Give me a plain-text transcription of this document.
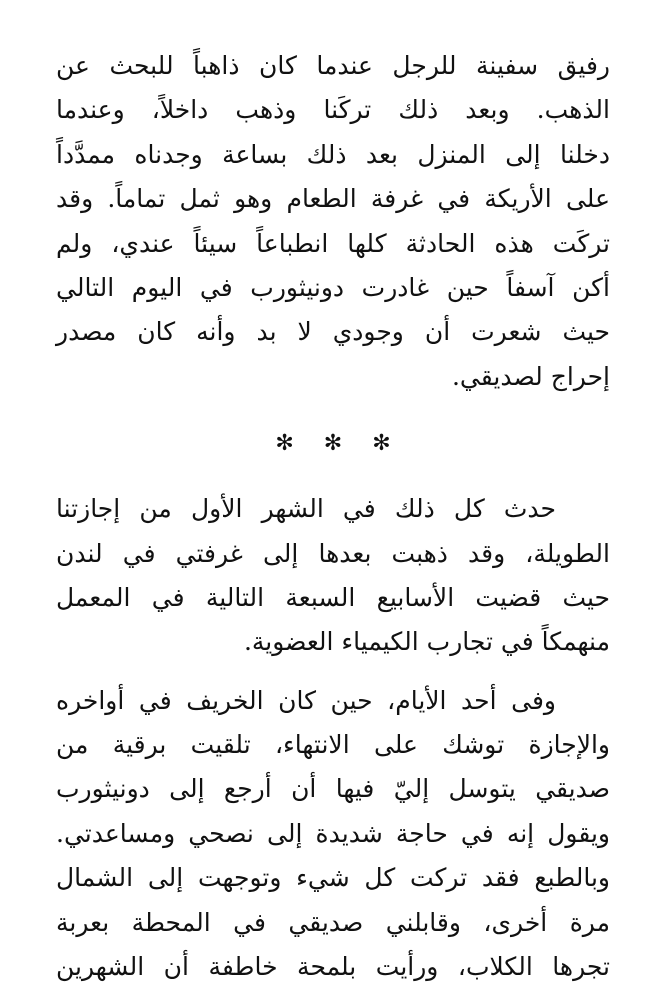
رفيق سفينة للرجل عندما كان ذاهباً للبحث عن
الذهب. وبعد ذلك تركَنا وذهب داخلاً، وعندما
دخلنا إلى المنزل بعد ذلك بساعة وجدناه ممدَّداً
على الأريكة في غرفة الطعام وهو ثمل تماماً. وقد
تركَت هذه الحادثة كلها انطباعاً سيئاً عندي، ولم
أكن آسفاً حين غادرت دونيثورب في اليوم التالي
حيث شعرت أن وجودي لا بد وأنه كان مصدر
إحراج لصديقي.
✻ ✻ ✻
حدث كل ذلك في الشهر الأول من إجازتنا
الطويلة، وقد ذهبت بعدها إلى غرفتي في لندن
حيث قضيت الأسابيع السبعة التالية في المعمل
منهمكاً في تجارب الكيمياء العضوية.
وفى أحد الأيام، حين كان الخريف في أواخره
والإجازة توشك على الانتهاء، تلقيت برقية من
صديقي يتوسل إليّ فيها أن أرجع إلى دونيثورب
ويقول إنه في حاجة شديدة إلى نصحي ومساعدتي.
وبالطبع فقد تركت كل شيء وتوجهت إلى الشمال
مرة أخرى، وقابلني صديقي في المحطة بعربة
تجرها الكلاب، ورأيت بلمحة خاطفة أن الشهرين
